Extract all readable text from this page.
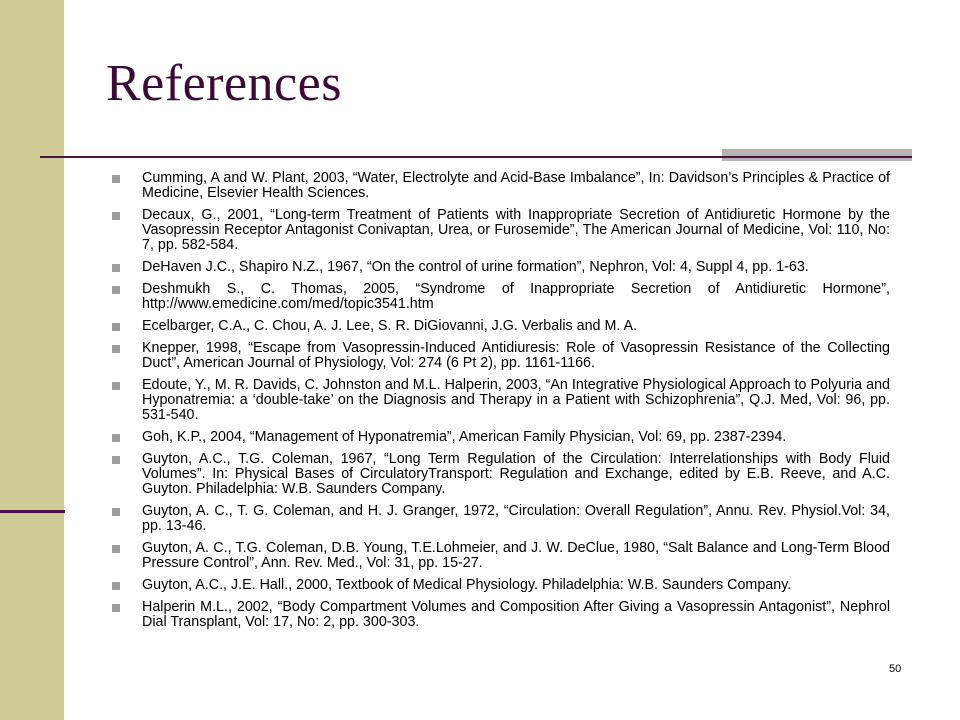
References
Cumming, A and W. Plant, 2003, “Water, Electrolyte and Acid-Base Imbalance”, In: Davidson’s Principles & Practice of Medicine, Elsevier Health Sciences.
Decaux, G., 2001, “Long-term Treatment of Patients with Inappropriate Secretion of Antidiuretic Hormone by the Vasopressin Receptor Antagonist Conivaptan, Urea, or Furosemide”, The American Journal of Medicine, Vol: 110, No: 7, pp. 582-584.
DeHaven J.C., Shapiro N.Z., 1967, “On the control of urine formation”, Nephron, Vol: 4, Suppl 4, pp. 1-63.
Deshmukh S., C. Thomas, 2005, “Syndrome of Inappropriate Secretion of Antidiuretic Hormone”, http://www.emedicine.com/med/topic3541.htm
Ecelbarger, C.A., C. Chou, A. J. Lee, S. R. DiGiovanni, J.G. Verbalis and M. A.
Knepper, 1998, “Escape from Vasopressin-Induced Antidiuresis: Role of Vasopressin Resistance of the Collecting Duct”, American Journal of Physiology, Vol: 274 (6 Pt 2), pp. 1161-1166.
Edoute, Y., M. R. Davids, C. Johnston and M.L. Halperin, 2003, “An Integrative Physiological Approach to Polyuria and Hyponatremia: a ‘double-take’ on the Diagnosis and Therapy in a Patient with Schizophrenia”, Q.J. Med, Vol: 96, pp. 531-540.
Goh, K.P., 2004, “Management of Hyponatremia”, American Family Physician, Vol: 69, pp. 2387-2394.
Guyton, A.C., T.G. Coleman, 1967, “Long Term Regulation of the Circulation: Interrelationships with Body Fluid Volumes”. In: Physical Bases of CirculatoryTransport: Regulation and Exchange, edited by E.B. Reeve, and A.C. Guyton. Philadelphia: W.B. Saunders Company.
Guyton, A. C., T. G. Coleman, and H. J. Granger, 1972, “Circulation: Overall Regulation”, Annu. Rev. Physiol.Vol: 34, pp. 13-46.
Guyton, A. C., T.G. Coleman, D.B. Young, T.E.Lohmeier, and J. W. DeClue, 1980, “Salt Balance and Long-Term Blood Pressure Control”, Ann. Rev. Med., Vol: 31, pp. 15-27.
Guyton, A.C., J.E. Hall., 2000, Textbook of Medical Physiology. Philadelphia: W.B. Saunders Company.
Halperin M.L., 2002, “Body Compartment Volumes and Composition After Giving a Vasopressin Antagonist”, Nephrol Dial Transplant, Vol: 17, No: 2, pp. 300-303.
50
